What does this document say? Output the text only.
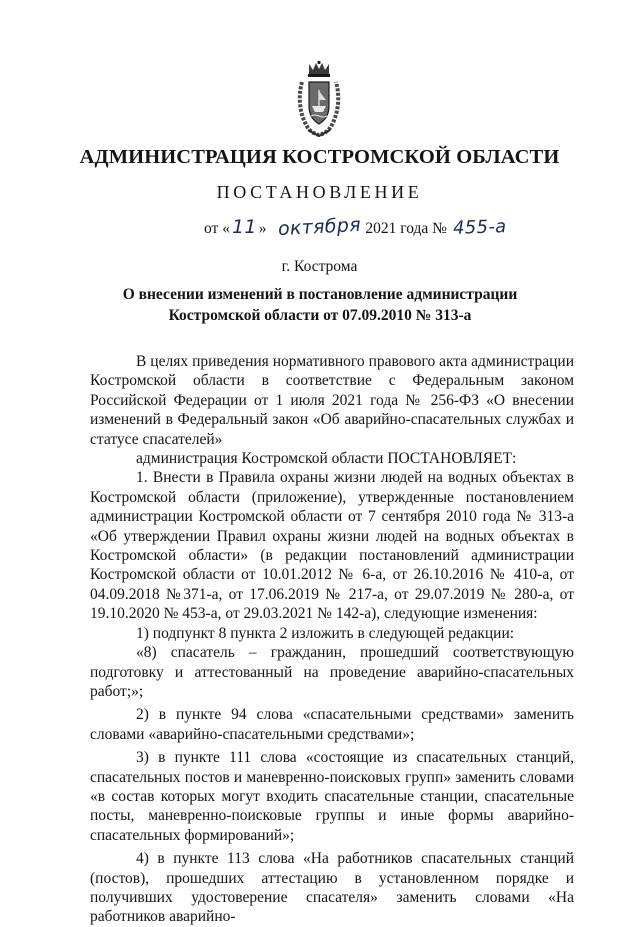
АДМИНИСТРАЦИЯ КОСТРОМСКОЙ ОБЛАСТИ
ПОСТАНОВЛЕНИЕ
от « 11 » октября 2021 года № 455-а
г. Кострома
О внесении изменений в постановление администрации
Костромской области от 07.09.2010 № 313-а

В целях приведения нормативного правового акта администрации Костромской области в соответствие с Федеральным законом Российской Федерации от 1 июля 2021 года № 256-ФЗ «О внесении изменений в Федеральный закон «Об аварийно-спасательных службах и статусе спасателей»

администрация Костромской области ПОСТАНОВЛЯЕТ:

1. Внести в Правила охраны жизни людей на водных объектах в Костромской области (приложение), утвержденные постановлением администрации Костромской области от 7 сентября 2010 года № 313-а «Об утверждении Правил охраны жизни людей на водных объектах в Костромской области» (в редакции постановлений администрации Костромской области от 10.01.2012 № 6-а, от 26.10.2016 № 410-а, от 04.09.2018 №371-а, от 17.06.2019 № 217-а, от 29.07.2019 № 280-а, от 19.10.2020 № 453-а, от 29.03.2021 № 142-а), следующие изменения:

1) подпункт 8 пункта 2 изложить в следующей редакции:

«8) спасатель – гражданин, прошедший соответствующую подготовку и аттестованный на проведение аварийно-спасательных работ;»;

2) в пункте 94 слова «спасательными средствами» заменить словами «аварийно-спасательными средствами»;

3) в пункте 111 слова «состоящие из спасательных станций, спасательных постов и маневренно-поисковых групп» заменить словами «в состав которых могут входить спасательные станции, спасательные посты, маневренно-поисковые группы и иные формы аварийно-спасательных формирований»;

4) в пункте 113 слова «На работников спасательных станций (постов), прошедших аттестацию в установленном порядке и получивших удостоверение спасателя» заменить словами «На работников аварийно-
